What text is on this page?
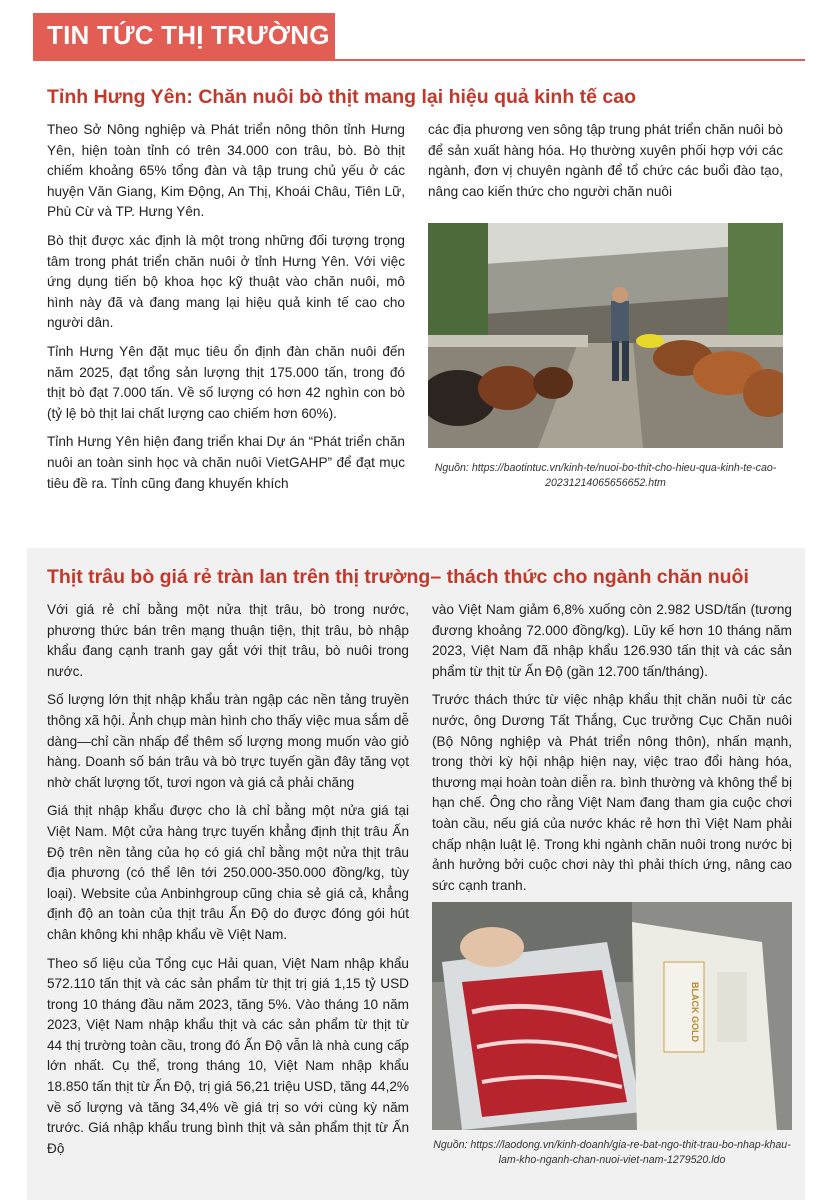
TIN TỨC THỊ TRƯỜNG
Tỉnh Hưng Yên: Chăn nuôi bò thịt mang lại hiệu quả kinh tế cao

Theo Sở Nông nghiệp và Phát triển nông thôn tỉnh Hưng Yên, hiện toàn tỉnh có trên 34.000 con trâu, bò. Bò thịt chiếm khoảng 65% tổng đàn và tập trung chủ yếu ở các huyện Văn Giang, Kim Động, An Thị, Khoái Châu, Tiên Lữ, Phù Cừ và TP. Hưng Yên.

Bò thịt được xác định là một trong những đối tượng trọng tâm trong phát triển chăn nuôi ở tỉnh Hưng Yên. Với việc ứng dụng tiến bộ khoa học kỹ thuật vào chăn nuôi, mô hình này đã và đang mang lại hiệu quả kinh tế cao cho người dân.

Tỉnh Hưng Yên đặt mục tiêu ổn định đàn chăn nuôi đến năm 2025, đạt tổng sản lượng thịt 175.000 tấn, trong đó thịt bò đạt 7.000 tấn. Về số lượng có hơn 42 nghìn con bò (tỷ lệ bò thịt lai chất lượng cao chiếm hơn 60%).

Tỉnh Hưng Yên hiện đang triển khai Dự án “Phát triển chăn nuôi an toàn sinh học và chăn nuôi VietGAHP” để đạt mục tiêu đề ra. Tỉnh cũng đang khuyến khích

các địa phương ven sông tập trung phát triển chăn nuôi bò để sản xuất hàng hóa. Họ thường xuyên phối hợp với các ngành, đơn vị chuyên ngành để tổ chức các buổi đào tạo, nâng cao kiến thức cho người chăn nuôi

Nguồn: https://baotintuc.vn/kinh-te/nuoi-bo-thit-cho-hieu-qua-kinh-te-cao-20231214065656652.htm
Thịt trâu bò giá rẻ tràn lan trên thị trường– thách thức cho ngành chăn nuôi

Với giá rẻ chỉ bằng một nửa thịt trâu, bò trong nước, phương thức bán trên mạng thuận tiện, thịt trâu, bò nhập khẩu đang cạnh tranh gay gắt với thịt trâu, bò nuôi trong nước.

Số lượng lớn thịt nhập khẩu tràn ngập các nền tảng truyền thông xã hội. Ảnh chụp màn hình cho thấy việc mua sắm dễ dàng—chỉ cần nhấp để thêm số lượng mong muốn vào giỏ hàng. Doanh số bán trâu và bò trực tuyến gần đây tăng vọt nhờ chất lượng tốt, tươi ngon và giá cả phải chăng

Giá thịt nhập khẩu được cho là chỉ bằng một nửa giá tại Việt Nam. Một cửa hàng trực tuyến khẳng định thịt trâu Ấn Độ trên nền tảng của họ có giá chỉ bằng một nửa thịt trâu địa phương (có thể lên tới 250.000-350.000 đồng/kg, tùy loại). Website của Anbinhgroup cũng chia sẻ giá cả, khẳng định độ an toàn của thịt trâu Ấn Độ do được đóng gói hút chân không khi nhập khẩu về Việt Nam.

Theo số liệu của Tổng cục Hải quan, Việt Nam nhập khẩu 572.110 tấn thịt và các sản phẩm từ thịt trị giá 1,15 tỷ USD trong 10 tháng đầu năm 2023, tăng 5%. Vào tháng 10 năm 2023, Việt Nam nhập khẩu thịt và các sản phẩm từ thịt từ 44 thị trường toàn cầu, trong đó Ấn Độ vẫn là nhà cung cấp lớn nhất. Cụ thể, trong tháng 10, Việt Nam nhập khẩu 18.850 tấn thịt từ Ấn Độ, trị giá 56,21 triệu USD, tăng 44,2% về số lượng và tăng 34,4% về giá trị so với cùng kỳ năm trước. Giá nhập khẩu trung bình thịt và sản phẩm thịt từ Ấn Độ

vào Việt Nam giảm 6,8% xuống còn 2.982 USD/tấn (tương đương khoảng 72.000 đồng/kg). Lũy kế hơn 10 tháng năm 2023, Việt Nam đã nhập khẩu 126.930 tấn thịt và các sản phẩm từ thịt từ Ấn Độ (gần 12.700 tấn/tháng).

Trước thách thức từ việc nhập khẩu thịt chăn nuôi từ các nước, ông Dương Tất Thắng, Cục trưởng Cục Chăn nuôi (Bộ Nông nghiệp và Phát triển nông thôn), nhấn mạnh, trong thời kỳ hội nhập hiện nay, việc trao đổi hàng hóa, thương mại hoàn toàn diễn ra. bình thường và không thể bị hạn chế. Ông cho rằng Việt Nam đang tham gia cuộc chơi toàn cầu, nếu giá của nước khác rẻ hơn thì Việt Nam phải chấp nhận luật lệ. Trong khi ngành chăn nuôi trong nước bị ảnh hưởng bởi cuộc chơi này thì phải thích ứng, nâng cao sức cạnh tranh.

BLACK GOLD
Nguồn: https://laodong.vn/kinh-doanh/gia-re-bat-ngo-thit-trau-bo-nhap-khau-lam-kho-nganh-chan-nuoi-viet-nam-1279520.ldo
